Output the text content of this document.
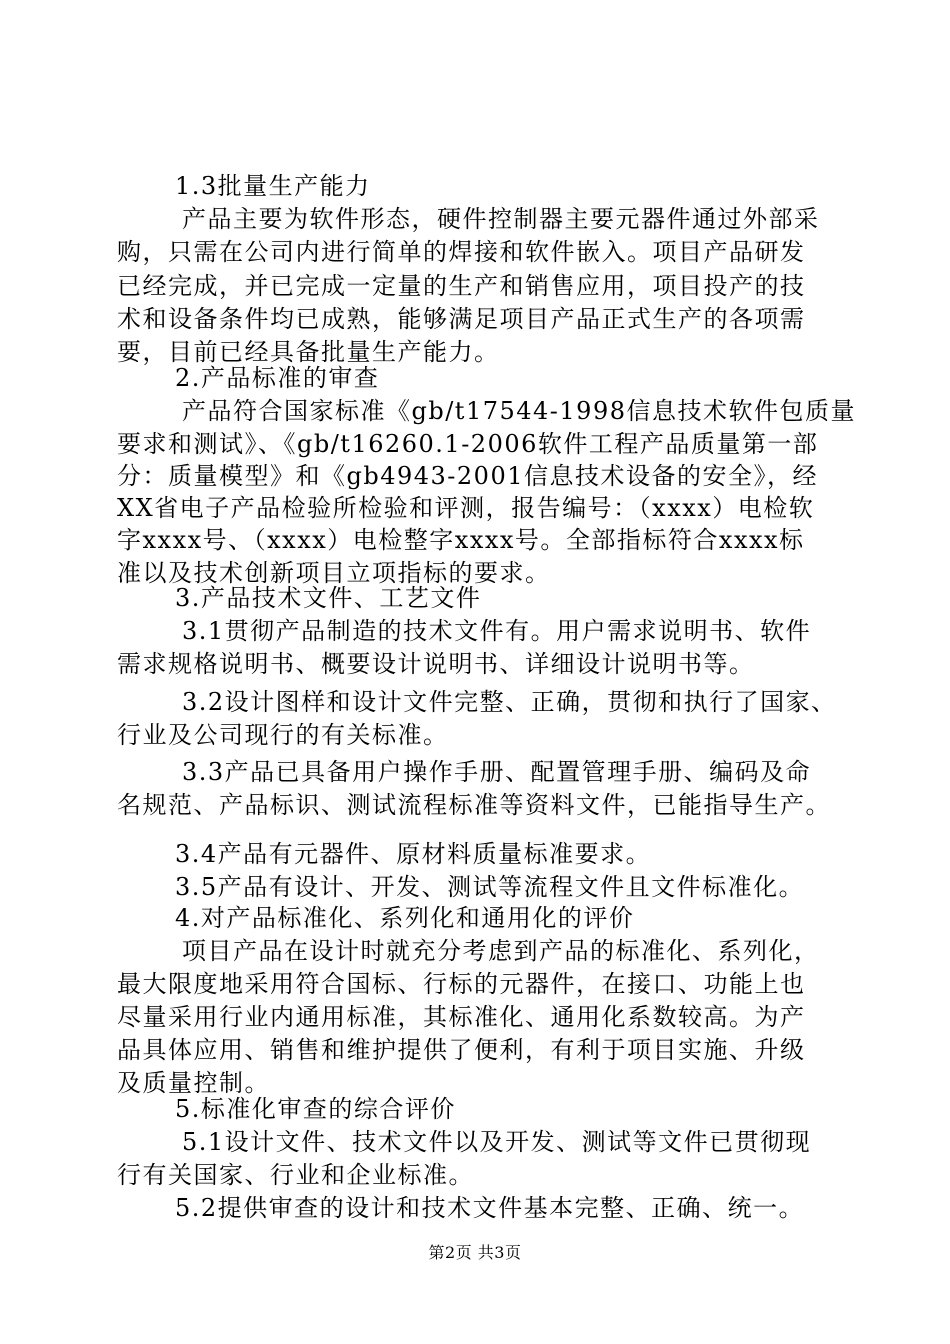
1.3批量生产能力
产品主要为软件形态，硬件控制器主要元器件通过外部采
购，只需在公司内进行简单的焊接和软件嵌入。项目产品研发
已经完成，并已完成一定量的生产和销售应用，项目投产的技
术和设备条件均已成熟，能够满足项目产品正式生产的各项需
要，目前已经具备批量生产能力。
2.产品标准的审查
产品符合国家标准《gb/t17544-1998信息技术软件包质量
要求和测试》、《gb/t16260.1-2006软件工程产品质量第一部
分：质量模型》和《gb4943-2001信息技术设备的安全》，经
XX省电子产品检验所检验和评测，报告编号：（xxxx）电检软
字xxxx号、（xxxx）电检整字xxxx号。全部指标符合xxxx标
准以及技术创新项目立项指标的要求。
3.产品技术文件、工艺文件
3.1贯彻产品制造的技术文件有。用户需求说明书、软件
需求规格说明书、概要设计说明书、详细设计说明书等。
3.2设计图样和设计文件完整、正确，贯彻和执行了国家、
行业及公司现行的有关标准。
3.3产品已具备用户操作手册、配置管理手册、编码及命
名规范、产品标识、测试流程标准等资料文件，已能指导生产。
3.4产品有元器件、原材料质量标准要求。
3.5产品有设计、开发、测试等流程文件且文件标准化。
4.对产品标准化、系列化和通用化的评价
项目产品在设计时就充分考虑到产品的标准化、系列化，
最大限度地采用符合国标、行标的元器件，在接口、功能上也
尽量采用行业内通用标准，其标准化、通用化系数较高。为产
品具体应用、销售和维护提供了便利，有利于项目实施、升级
及质量控制。
5.标准化审查的综合评价
5.1设计文件、技术文件以及开发、测试等文件已贯彻现
行有关国家、行业和企业标准。
5.2提供审查的设计和技术文件基本完整、正确、统一。
第2页 共3页
